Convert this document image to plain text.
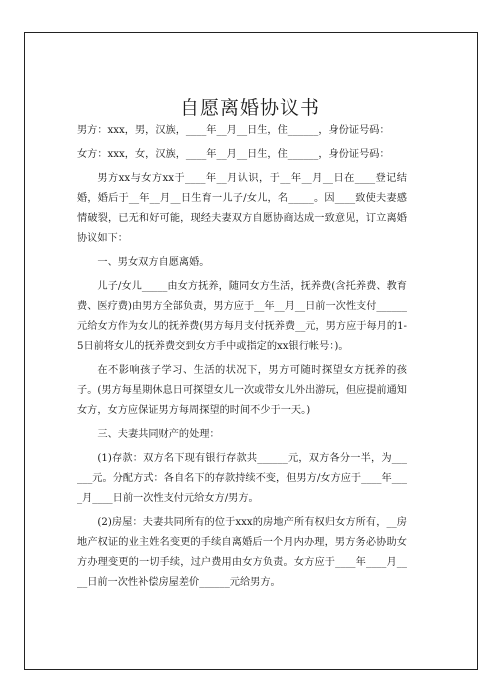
自愿离婚协议书

男方：xxx，男，汉族，____年__月__日生，住______，身份证号码：

女方：xxx，女，汉族，____年__月__日生，住______，身份证号码：

男方xx与女方xx于____年__月认识，于__年__月__日在____登记结婚，婚后于__年__月__日生育一儿子/女儿，名_____。因____致使夫妻感情破裂，已无和好可能，现经夫妻双方自愿协商达成一致意见，订立离婚协议如下：

一、男女双方自愿离婚。

儿子/女儿_____由女方抚养，随同女方生活，抚养费(含托养费、教育费、医疗费)由男方全部负责，男方应于__年__月__日前一次性支付______元给女方作为女儿的抚养费(男方每月支付抚养费__元，男方应于每月的1-5日前将女儿的抚养费交到女方手中或指定的xx银行帐号：)。

在不影响孩子学习、生活的状况下，男方可随时探望女方抚养的孩子。(男方每星期休息日可探望女儿一次或带女儿外出游玩，但应提前通知女方，女方应保证男方每周探望的时间不少于一天。)

三、夫妻共同财产的处理：

(1)存款：双方名下现有银行存款共______元，双方各分一半，为______元。分配方式：各自名下的存款持续不变，但男方/女方应于____年____月____日前一次性支付元给女方/男方。

(2)房屋：夫妻共同所有的位于xxx的房地产所有权归女方所有，__房地产权证的业主姓名变更的手续自离婚后一个月内办理，男方务必协助女方办理变更的一切手续，过户费用由女方负责。女方应于____年____月____日前一次性补偿房屋差价______元给男方。
